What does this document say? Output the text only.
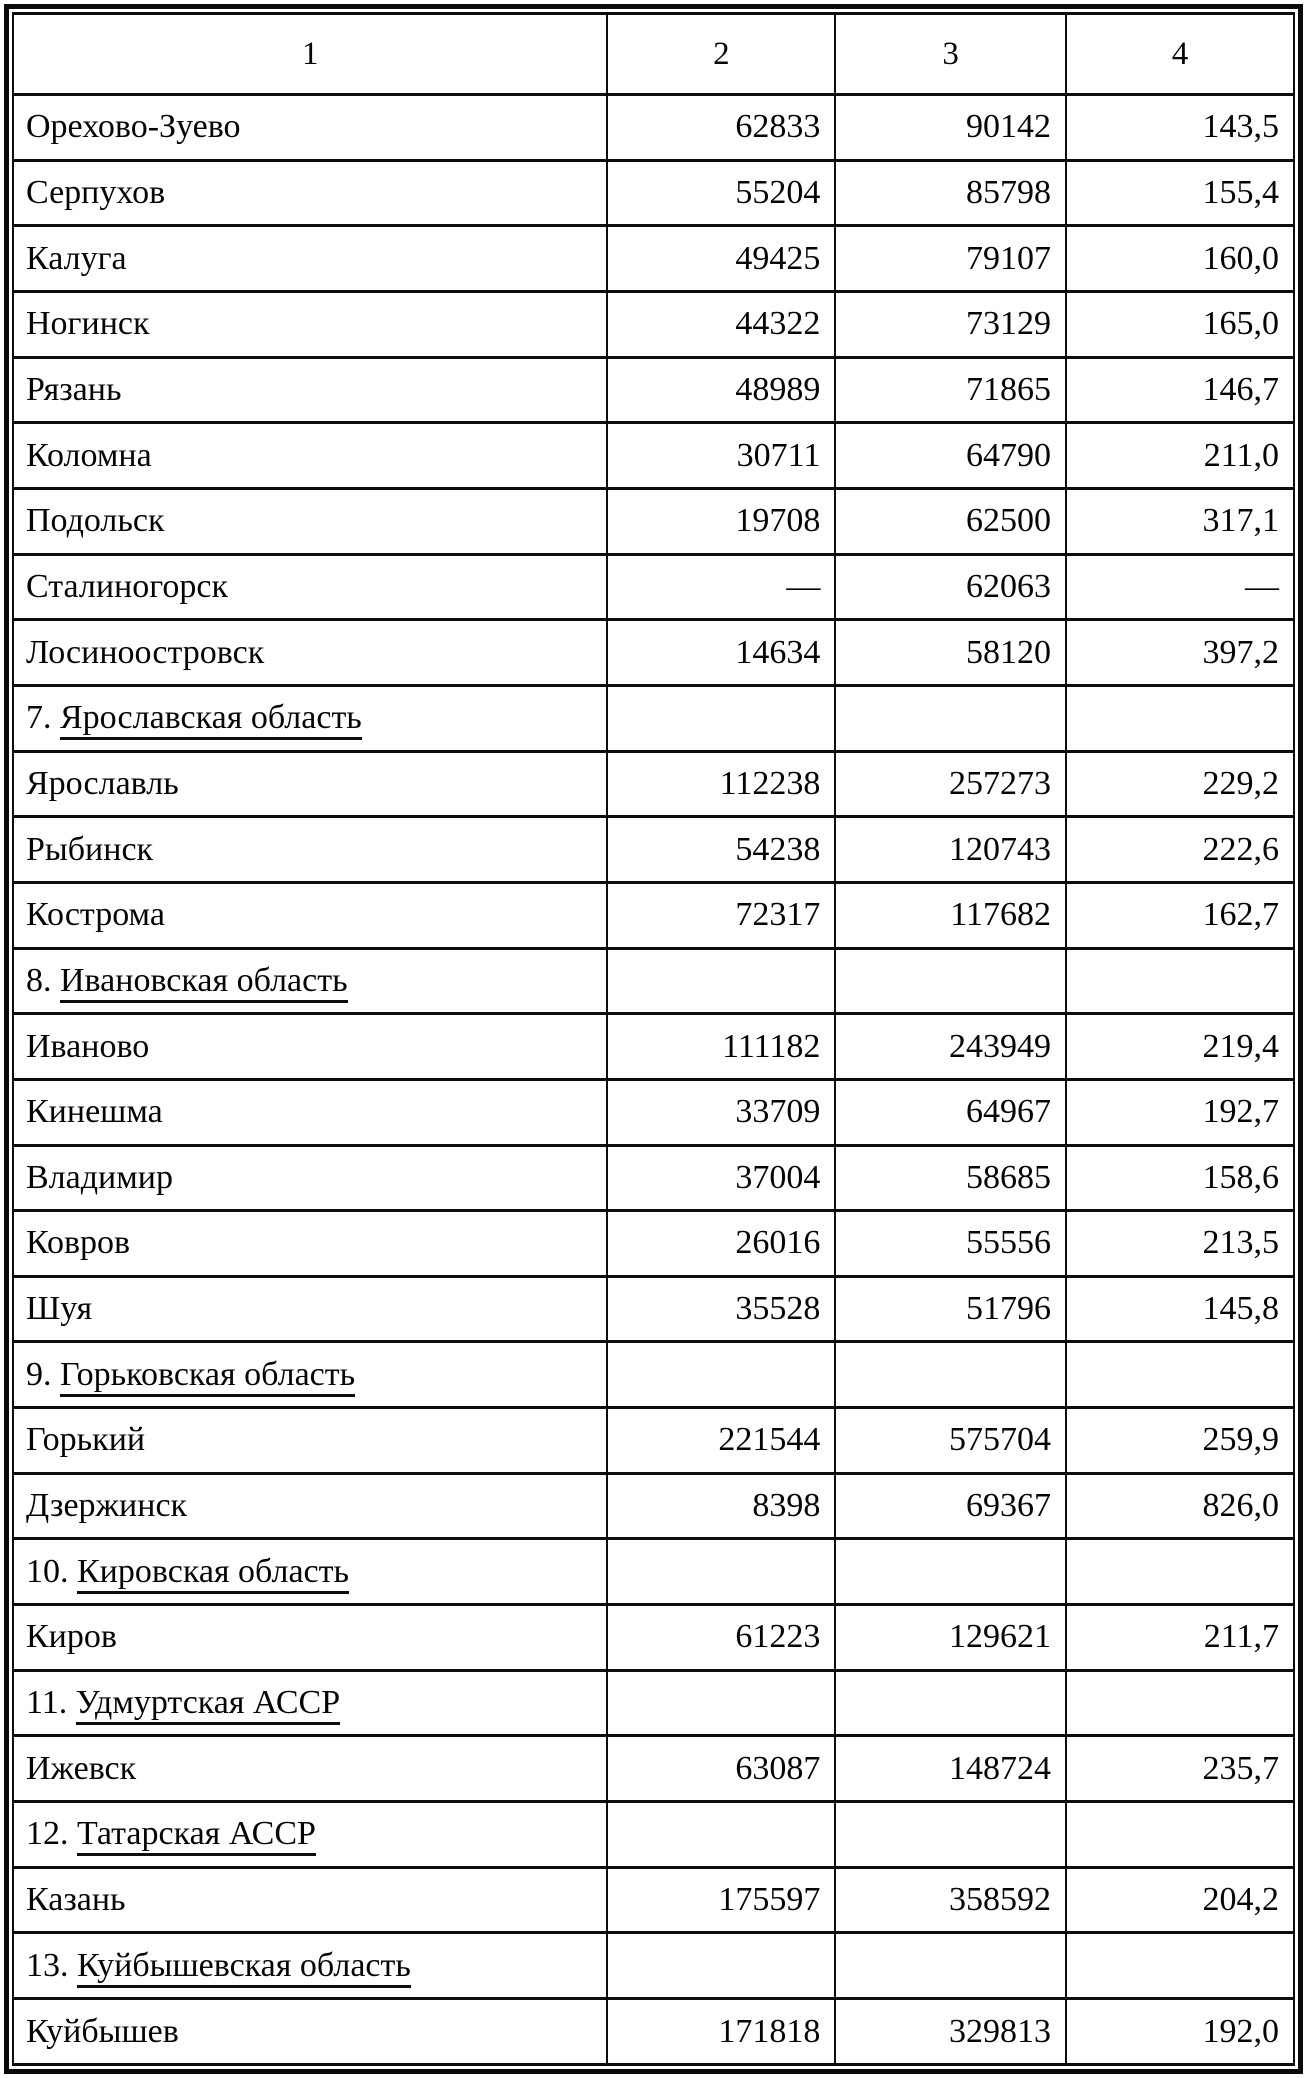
1	2	3	4
Орехово-Зуево	62833	90142	143,5
Серпухов	55204	85798	155,4
Калуга	49425	79107	160,0
Ногинск	44322	73129	165,0
Рязань	48989	71865	146,7
Коломна	30711	64790	211,0
Подольск	19708	62500	317,1
Сталиногорск	—	62063	—
Лосиноостровск	14634	58120	397,2
7. Ярославская область			
Ярославль	112238	257273	229,2
Рыбинск	54238	120743	222,6
Кострома	72317	117682	162,7
8. Ивановская область			
Иваново	111182	243949	219,4
Кинешма	33709	64967	192,7
Владимир	37004	58685	158,6
Ковров	26016	55556	213,5
Шуя	35528	51796	145,8
9. Горьковская область			
Горький	221544	575704	259,9
Дзержинск	8398	69367	826,0
10. Кировская область			
Киров	61223	129621	211,7
11. Удмуртская АССР			
Ижевск	63087	148724	235,7
12. Татарская АССР			
Казань	175597	358592	204,2
13. Куйбышевская область			
Куйбышев	171818	329813	192,0
